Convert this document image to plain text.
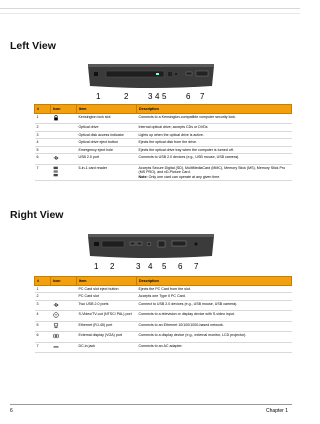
Left View
1	2 3 4 5 6 7
#	Icon	Item	Description
1		Kensington lock slot	Connects to a Kensington-compatible computer security lock.
2		Optical drive	Internal optical drive; accepts CDs or DVDs
3		Optical disk access indicator	Lights up when the optical drive is active.
4		Optical drive eject button	Ejects the optical disk from the drive.
5		Emergency eject hole	Ejects the optical drive tray when the computer is turned off.
6		USB 2.0 port	Connects to USB 2.0 devices (e.g., USB mouse, USB camera).
7		5-in-1 card reader	Accepts Secure Digital (SD), MultiMediaCard (MMC), Memory Stick (MS), Memory Stick Pro (MS PRO), and xD-Picture Card.
Note: Only one card can operate at any given time.
Right View
1 2	3 4 5 6 7
#	Icon	Item	Description
1		PC Card slot eject button	Ejects the PC Card from the slot.
2		PC Card slot	Accepts one Type II PC Card.
3		Two USB 2.0 ports	Connect to USB 2.0 devices (e.g., USB mouse, USB camera).
4		S-Video/TV-out (NTSC/ PAL) port	Connects to a television or display device with S-video input.
5		Ethernet (RJ-45) port	Connects to an Ethernet 10/100/1000-based network.
6		External display (VGA) port	Connects to a display device (e.g., external monitor, LCD projector).
7		DC-in jack	Connects to an AC adapter.
6	Chapter 1
